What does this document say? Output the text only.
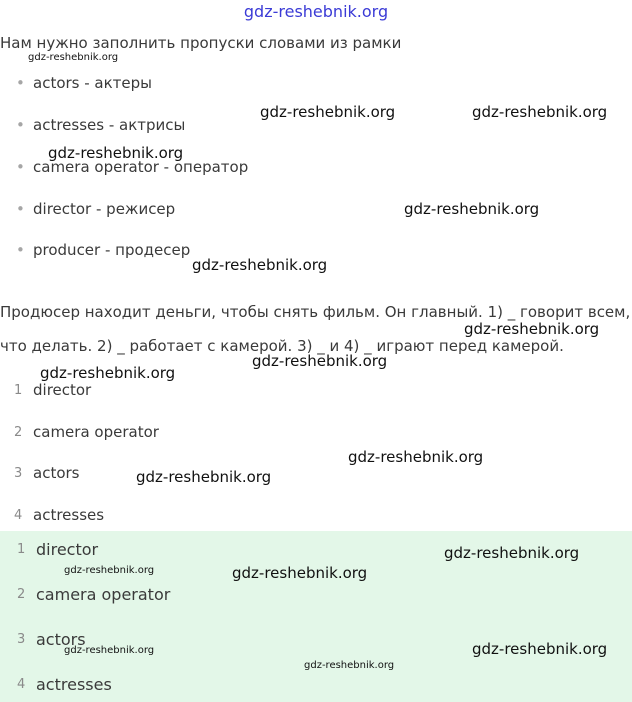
gdz-reshebnik.org
Нам нужно заполнить пропуски словами из рамки
• actors - актеры
• actresses - актрисы
• camera operator - оператор
• director - режисер
• producer - продесер
Продюсер находит деньги, чтобы снять фильм. Он главный. 1) _ говорит всем,
что делать. 2) _ работает с камерой. 3) _ и 4) _ играют перед камерой.
1 director
2 camera operator
3 actors
4 actresses
1 director
2 camera operator
3 actors
4 actresses
gdz-reshebnik.org
gdz-reshebnik.org	gdz-reshebnik.org
gdz-reshebnik.org
gdz-reshebnik.org
gdz-reshebnik.org
gdz-reshebnik.org
gdz-reshebnik.org
gdz-reshebnik.org
gdz-reshebnik.org
gdz-reshebnik.org
gdz-reshebnik.org
gdz-reshebnik.org	gdz-reshebnik.org
gdz-reshebnik.org
gdz-reshebnik.org
gdz-reshebnik.org
